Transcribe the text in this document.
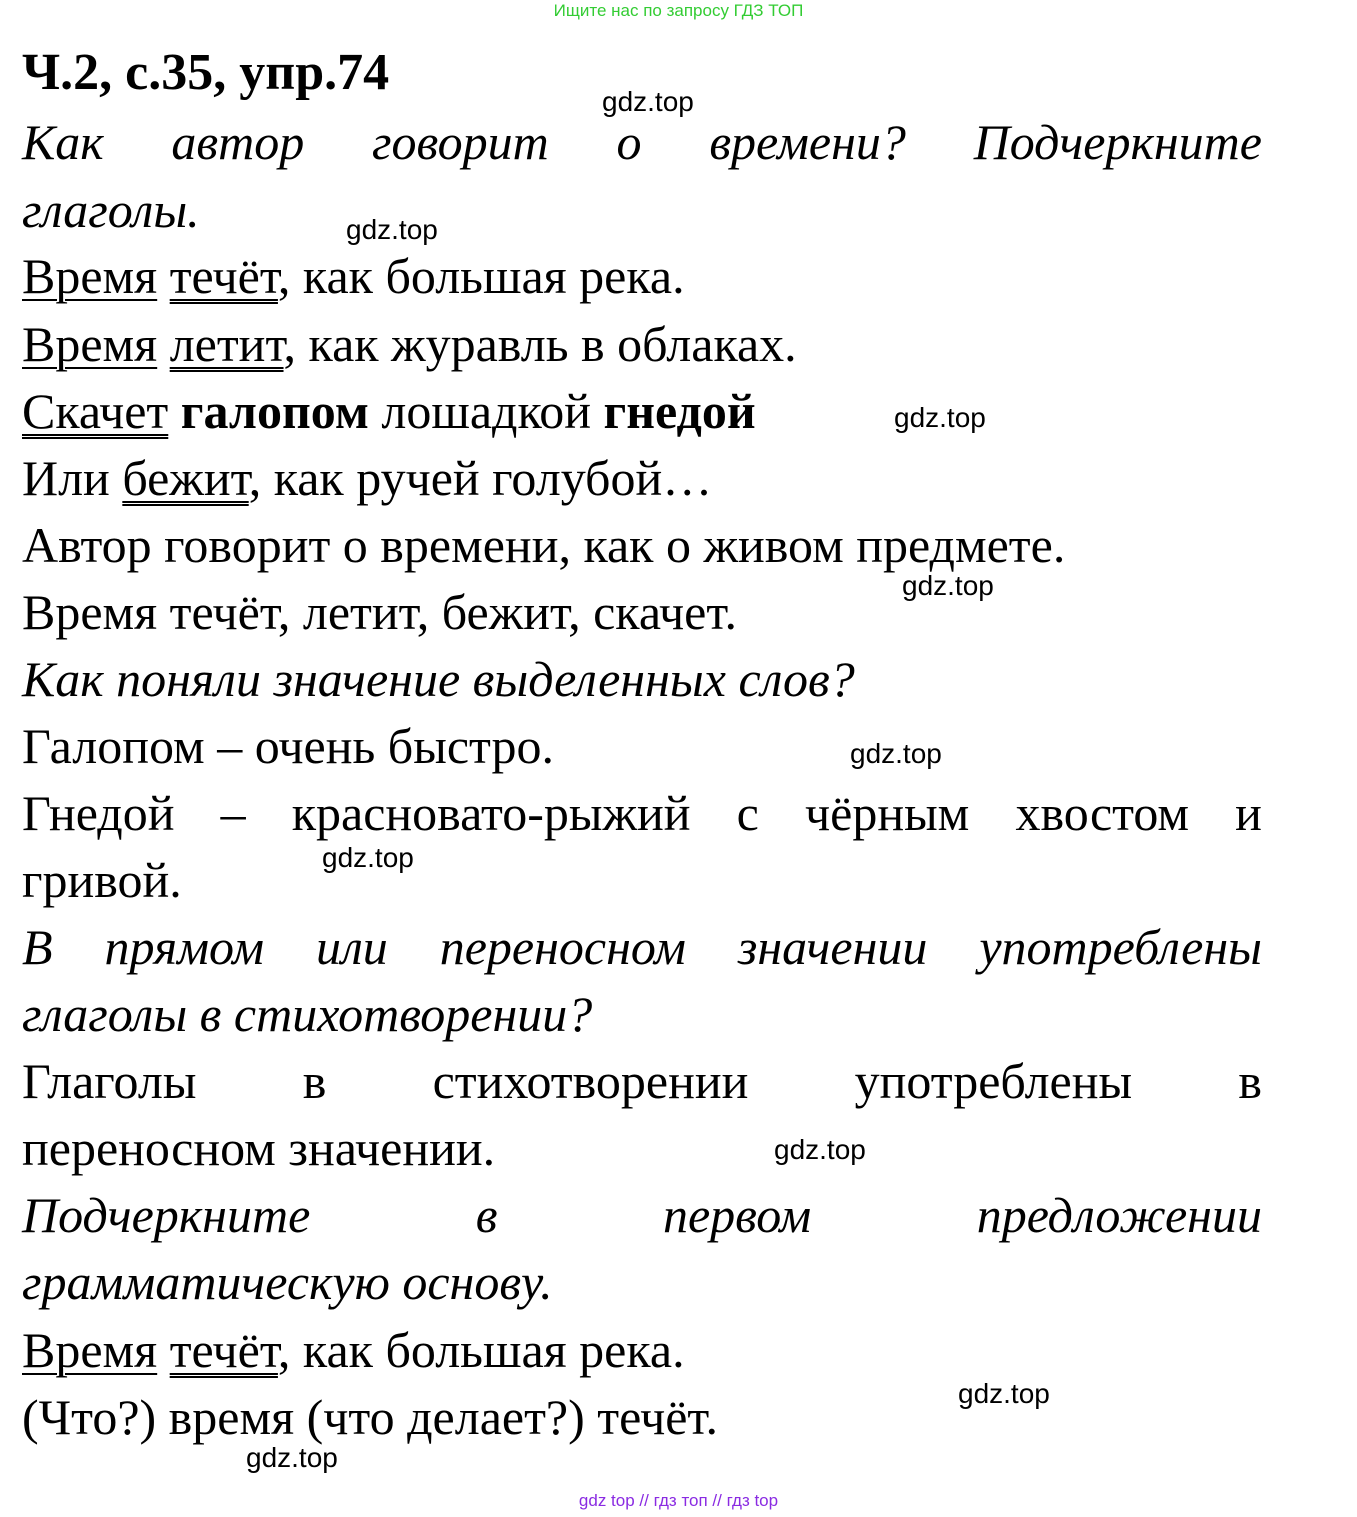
Ищите нас по запросу ГДЗ ТОП
Ч.2, с.35, упр.74
Как автор говорит о времени? Подчеркните
глаголы.
Время течёт, как большая река.
Время летит, как журавль в облаках.
Скачет галопом лошадкой гнедой
Или бежит, как ручей голубой…
Автор говорит о времени, как о живом предмете.
Время течёт, летит, бежит, скачет.
Как поняли значение выделенных слов?
Галопом – очень быстро.
Гнедой – красновато-рыжий с чёрным хвостом и
гривой.
В прямом или переносном значении употреблены
глаголы в стихотворении?
Глаголы в стихотворении употреблены в
переносном значении.
Подчеркните	в	первом	предложении
грамматическую основу.
Время течёт, как большая река.
(Что?) время (что делает?) течёт.
gdz.top
gdz.top
gdz.top
gdz.top
gdz.top
gdz.top
gdz.top
gdz.top
gdz.top
gdz top // гдз топ // гдз top
